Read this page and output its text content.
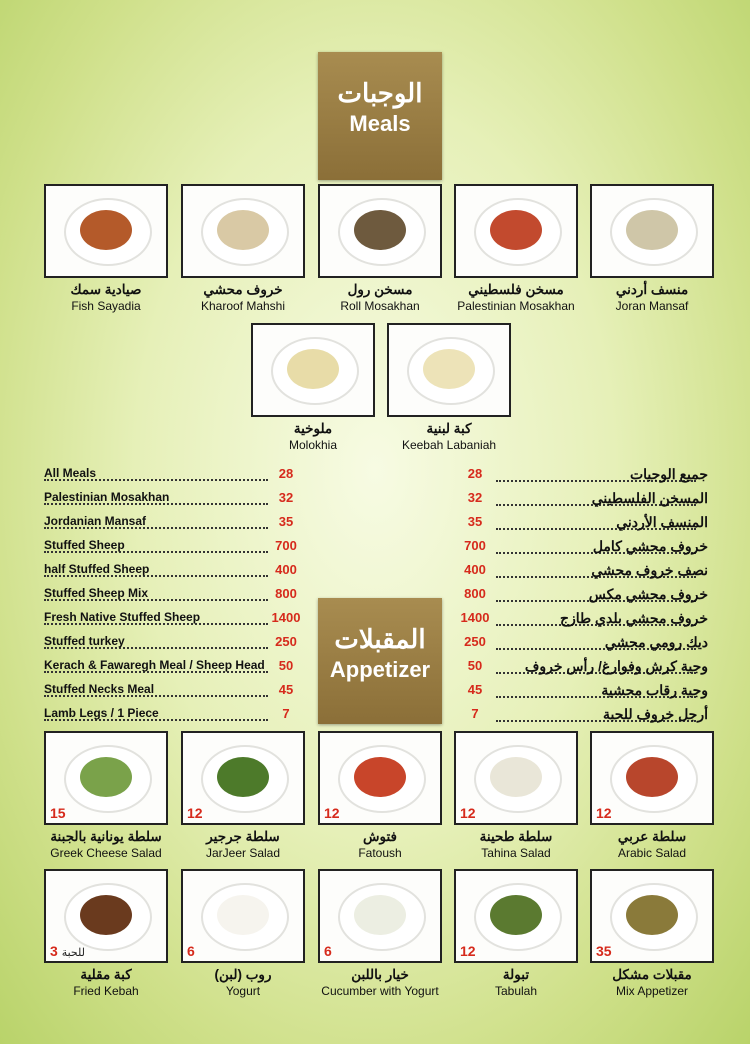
الوجبات
Meals
صيادية سمك
Fish Sayadia
خروف محشي
Kharoof Mahshi
مسخن رول
Roll Mosakhan
مسخن فلسطيني
Palestinian Mosakhan
منسف أردني
Joran Mansaf
ملوخية
Molokhia
كبة لبنية
Keebah Labaniah
All Meals	28
Palestinian Mosakhan	32
Jordanian Mansaf	35
Stuffed Sheep	700
half Stuffed Sheep	400
Stuffed Sheep Mix	800
Fresh Native Stuffed Sheep	1400
Stuffed turkey	250
Kerach & Fawaregh Meal / Sheep Head	50
Stuffed Necks Meal	45
Lamb Legs / 1 Piece	7
28	جميع الوجبات
32	المسخن الفلسطيني
35	المنسف الأردني
700	خروف محشي كامل
400	نصف خروف محشي
800	خروف محشي مكس
1400	خروف محشي بلدي طازج
250	ديك رومي محشي
50	وجبة كرش وفوارغ/ رأس خروف
45	وجبة رقاب محشية
7	أرجل خروف للحبة
المقبلات
Appetizer
15
سلطة يونانية بالجبنة
Greek Cheese Salad
12
سلطة جرجير
JarJeer Salad
12
فتوش
Fatoush
12
سلطة طحينة
Tahina Salad
12
سلطة عربي
Arabic Salad
3 للحبة
كبة مقلية
Fried Kebah
6
روب (لبن)
Yogurt
6
خيار باللبن
Cucumber with Yogurt
12
تبولة
Tabulah
35
مقبلات مشكل
Mix Appetizer
